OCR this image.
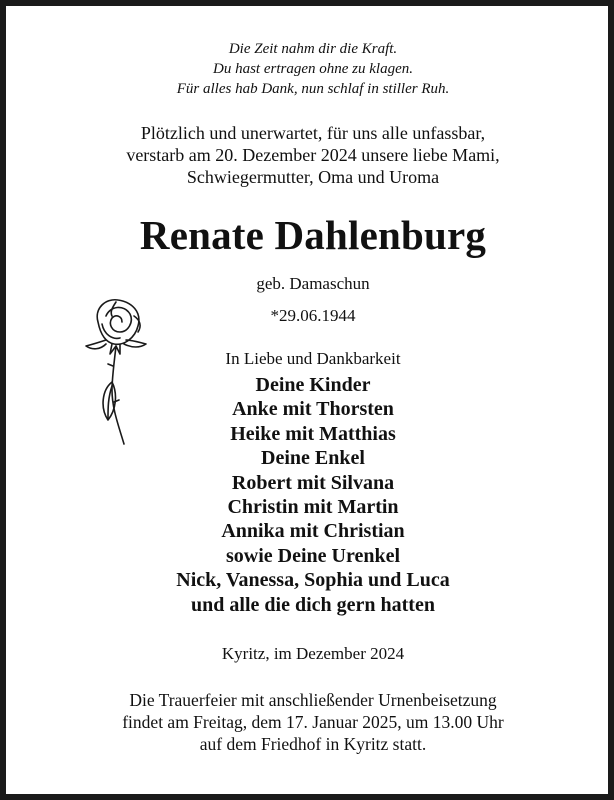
Die Zeit nahm dir die Kraft.
Du hast ertragen ohne zu klagen.
Für alles hab Dank, nun schlaf in stiller Ruh.
Plötzlich und unerwartet, für uns alle unfassbar,
verstarb am 20. Dezember 2024 unsere liebe Mami,
Schwiegermutter, Oma und Uroma
Renate Dahlenburg
geb. Damaschun
*29.06.1944
In Liebe und Dankbarkeit
Deine Kinder
Anke mit Thorsten
Heike mit Matthias
Deine Enkel
Robert mit Silvana
Christin mit Martin
Annika mit Christian
sowie Deine Urenkel
Nick, Vanessa, Sophia und Luca
und alle die dich gern hatten
Kyritz, im Dezember 2024
Die Trauerfeier mit anschließender Urnenbeisetzung
findet am Freitag, dem 17. Januar 2025, um 13.00 Uhr
auf dem Friedhof in Kyritz statt.
